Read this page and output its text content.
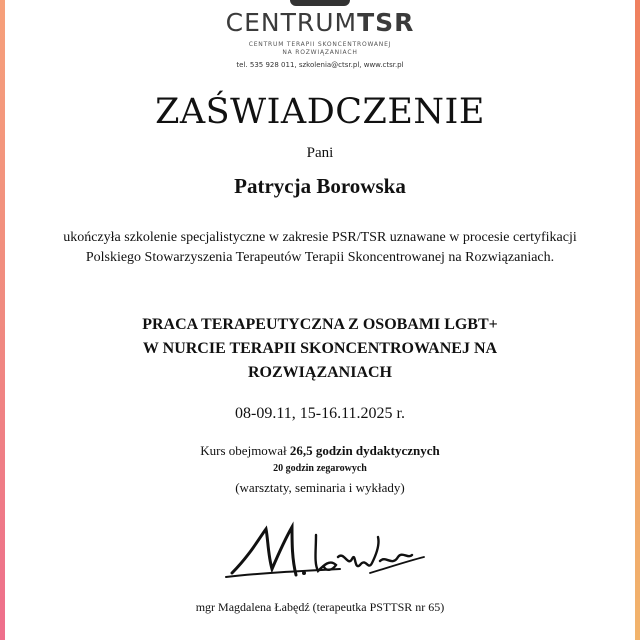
CENTRUMTSR
CENTRUM TERAPII SKONCENTROWANEJ
NA ROZWIĄZANIACH
tel. 535 928 011, szkolenia@ctsr.pl, www.ctsr.pl
ZAŚWIADCZENIE
Pani
Patrycja Borowska
ukończyła szkolenie specjalistyczne w zakresie PSR/TSR uznawane w procesie certyfikacji Polskiego Stowarzyszenia Terapeutów Terapii Skoncentrowanej na Rozwiązaniach.
PRACA TERAPEUTYCZNA Z OSOBAMI LGBT+
W NURCIE TERAPII SKONCENTROWANEJ NA
ROZWIĄZANIACH
08-09.11, 15-16.11.2025 r.
Kurs obejmował 26,5 godzin dydaktycznych
20 godzin zegarowych
(warsztaty, seminaria i wykłady)
mgr Magdalena Łabędź (terapeutka PSTTSR nr 65)
